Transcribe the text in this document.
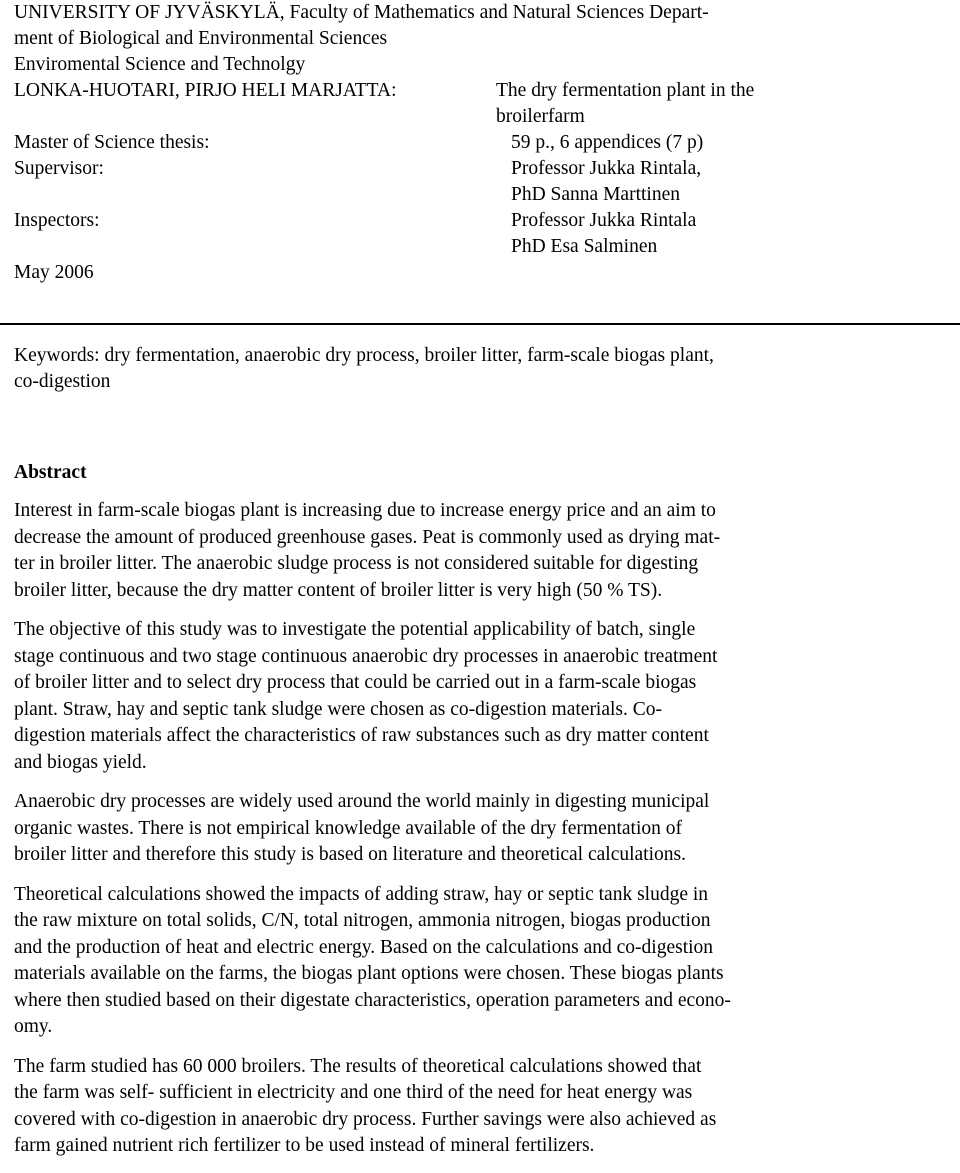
UNIVERSITY OF JYVÄSKYLÄ, Faculty of Mathematics and Natural Sciences Depart-
ment of Biological and Environmental Sciences
Enviromental Science and Technolgy
LONKA-HUOTARI, PIRJO HELI MARJATTA:	The dry fermentation plant in the
broilerfarm
Master of Science thesis:	59 p., 6 appendices (7 p)
Supervisor:	Professor Jukka Rintala,
PhD Sanna Marttinen
Inspectors:	Professor Jukka Rintala
PhD Esa Salminen
May 2006
Keywords: dry fermentation, anaerobic dry process, broiler litter, farm-scale biogas plant,
co-digestion
Abstract
Interest in farm-scale biogas plant is increasing due to increase energy price and an aim to
decrease the amount of produced greenhouse gases. Peat is commonly used as drying mat-
ter in broiler litter. The anaerobic sludge process is not considered suitable for digesting
broiler litter, because the dry matter content of broiler litter is very high (50 % TS).
The objective of this study was to investigate the potential applicability of batch, single
stage continuous and two stage continuous anaerobic dry processes in anaerobic treatment
of broiler litter and to select dry process that could be carried out in a farm-scale biogas
plant. Straw, hay and septic tank sludge were chosen as co-digestion materials. Co-
digestion materials affect the characteristics of raw substances such as dry matter content
and biogas yield.
Anaerobic dry processes are widely used around the world mainly in digesting municipal
organic wastes. There is not empirical knowledge available of the dry fermentation of
broiler litter and therefore this study is based on literature and theoretical calculations.
Theoretical calculations showed the impacts of adding straw, hay or septic tank sludge in
the raw mixture on total solids, C/N, total nitrogen, ammonia nitrogen, biogas production
and the production of heat and electric energy. Based on the calculations and co-digestion
materials available on the farms, the biogas plant options were chosen. These biogas plants
where then studied based on their digestate characteristics, operation parameters and econo-
omy.
The farm studied has 60 000 broilers. The results of theoretical calculations showed that
the farm was self- sufficient in electricity and one third of the need for heat energy was
covered with co-digestion in anaerobic dry process. Further savings were also achieved as
farm gained nutrient rich fertilizer to be used instead of mineral fertilizers.
